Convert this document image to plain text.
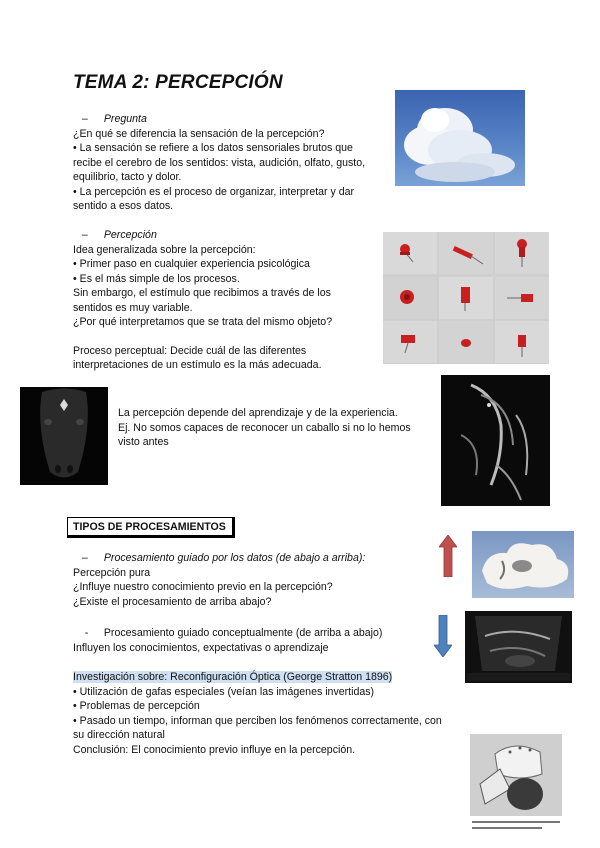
TEMA 2: PERCEPCIÓN
– Pregunta
¿En qué se diferencia la sensación de la percepción?
• La sensación se refiere a los datos sensoriales brutos que
recibe el cerebro de los sentidos: vista, audición, olfato, gusto,
equilibrio, tacto y dolor.
• La percepción es el proceso de organizar, interpretar y dar
sentido a esos datos.
– Percepción
Idea generalizada sobre la percepción:
• Primer paso en cualquier experiencia psicológica
• Es el más simple de los procesos.
Sin embargo, el estímulo que recibimos a través de los
sentidos es muy variable.
¿Por qué interpretamos que se trata del mismo objeto?
Proceso perceptual: Decide cuál de las diferentes
interpretaciones de un estímulo es la más adecuada.
La percepción depende del aprendizaje y de la experiencia.
Ej. No somos capaces de reconocer un caballo si no lo hemos
visto antes
TIPOS DE PROCESAMIENTOS
– Procesamiento guiado por los datos (de abajo a arriba):
Percepción pura
¿Influye nuestro conocimiento previo en la percepción?
¿Existe el procesamiento de arriba abajo?
- Procesamiento guiado conceptualmente (de arriba a abajo)
Influyen los conocimientos, expectativas o aprendizaje
Investigación sobre: Reconfiguración Óptica (George Stratton 1896)
• Utilización de gafas especiales (veían las imágenes invertidas)
• Problemas de percepción
• Pasado un tiempo, informan que perciben los fenómenos correctamente, con
su dirección natural
Conclusión: El conocimiento previo influye en la percepción.
